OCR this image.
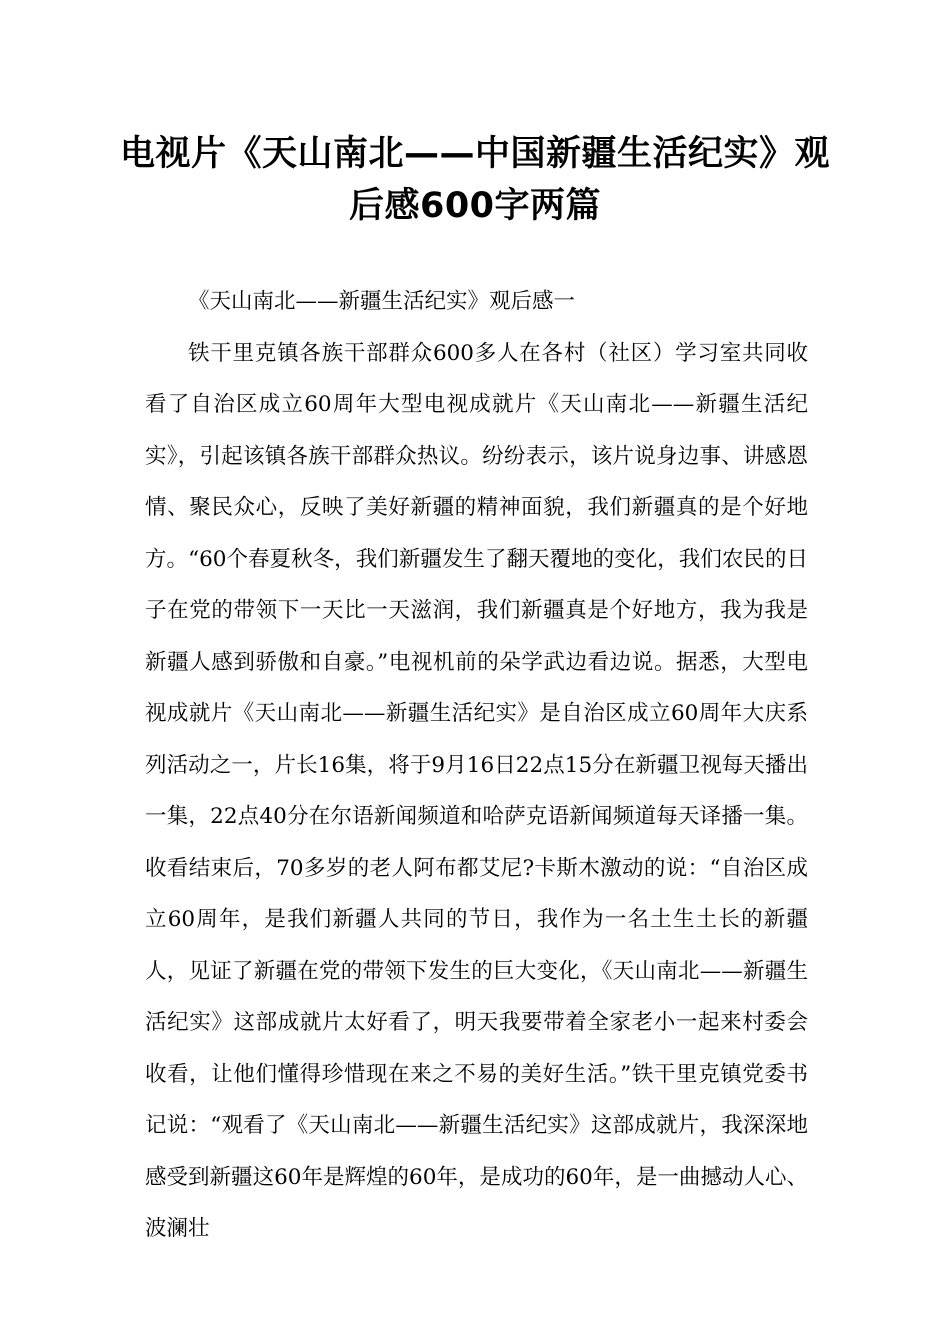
电视片《天山南北——中国新疆生活纪实》观后感600字两篇

《天山南北——新疆生活纪实》观后感一

铁干里克镇各族干部群众600多人在各村（社区）学习室共同收看了自治区成立60周年大型电视成就片《天山南北——新疆生活纪实》，引起该镇各族干部群众热议。纷纷表示，该片说身边事、讲感恩情、聚民众心，反映了美好新疆的精神面貌，我们新疆真的是个好地方。“60个春夏秋冬，我们新疆发生了翻天覆地的变化，我们农民的日子在党的带领下一天比一天滋润，我们新疆真是个好地方，我为我是新疆人感到骄傲和自豪。”电视机前的朵学武边看边说。据悉，大型电视成就片《天山南北——新疆生活纪实》是自治区成立60周年大庆系列活动之一，片长16集，将于9月16日22点15分在新疆卫视每天播出一集，22点40分在尔语新闻频道和哈萨克语新闻频道每天译播一集。收看结束后，70多岁的老人阿布都艾尼?卡斯木激动的说：“自治区成立60周年，是我们新疆人共同的节日，我作为一名土生土长的新疆人，见证了新疆在党的带领下发生的巨大变化，《天山南北——新疆生活纪实》这部成就片太好看了，明天我要带着全家老小一起来村委会收看，让他们懂得珍惜现在来之不易的美好生活。”铁干里克镇党委书记说：“观看了《天山南北——新疆生活纪实》这部成就片，我深深地感受到新疆这60年是辉煌的60年，是成功的60年，是一曲撼动人心、波澜壮
